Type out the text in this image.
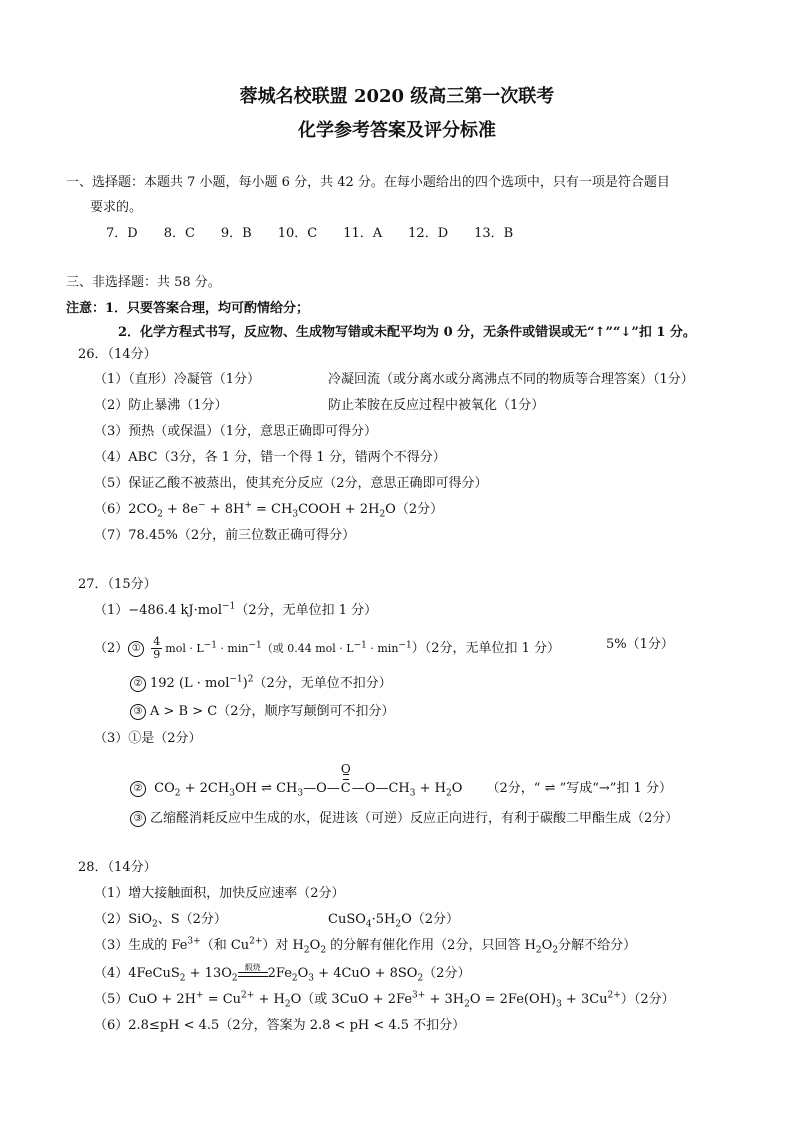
蓉城名校联盟 2020 级高三第一次联考
化学参考答案及评分标准
一、选择题：本题共 7 小题，每小题 6 分，共 42 分。在每小题给出的四个选项中，只有一项是符合题目
要求的。
7．D　　8．C　　9．B　　10．C　　11．A　　12．D　　13．B
三、非选择题：共 58 分。
注意：1．只要答案合理，均可酌情给分；
2．化学方程式书写，反应物、生成物写错或未配平均为 0 分，无条件或错误或无“↑”“↓”扣 1 分。
26．（14分）
（1）（直形）冷凝管（1分）	冷凝回流（或分离水或分离沸点不同的物质等合理答案）（1分）
（2）防止暴沸（1分）	防止苯胺在反应过程中被氧化（1分）
（3）预热（或保温）（1分，意思正确即可得分）
（4）ABC（3分，各 1 分，错一个得 1 分，错两个不得分）
（5）保证乙酸不被蒸出，使其充分反应（2分，意思正确即可得分）
$(6)2CO_2 + 8e^- + 8H^+$ = $CH_3COOH + 2H_2O(2$分）
（7）78.45%（2分，前三位数正确可得分）
27．（15分）
（1）−486.4 kJ·mol$^{-1}$（2分，无单位扣 1 分）
（2） ① $\frac{4}{9}$ mol · $L^{-1} \cdot \min^{-1}$（或 0.44 mol · $L^{-1} \cdot \min^{-1})(2$分，无单位扣 1 分）	5%（1分）
② 192 $(L \cdot mol^{-1})^2(2$分，无单位不扣分）
③ A > B > C（2分，顺序写颠倒可不扣分）
（3）①是（2分）
② $CO_2 + 2CH_3OH$ ⇌ $CH_3—O—$
O
$C—O—CH_3 + H_2O$ （2分，“ ⇌ ”写成“→”扣 1 分）
③ 乙缩醛消耗反应中生成的水，促进该（可逆）反应正向进行，有利于碳酸二甲酯生成（2分）
28．（14分）
（1）增大接触面积，加快反应速率（2分）
（2）SiO$_2$、S（2分）	$CuSO_4\cdot 5H_2O(2$分）
（3）生成的 $Fe^{3+}$（和 $Cu^{2+}$）对 $H_2O_2$ 的分解有催化作用（2分，只回答 $H_2O_2$分解不给分）
（4）4FeCuS$_2$ + $13O_2$
煅烧 $2Fe_2O_3 + 4CuO + 8SO_2(2$分）
$(5)CuO + 2H^+ = Cu^{2+} + H_2O$（或 $3CuO + 2Fe^{3+} + 3H_2O = 2Fe(OH)_3 + 3Cu^{2+})(2$分）
（6）2.8≤pH < 4.5（2分，答案为 2.8 < pH < 4.5 不扣分）
